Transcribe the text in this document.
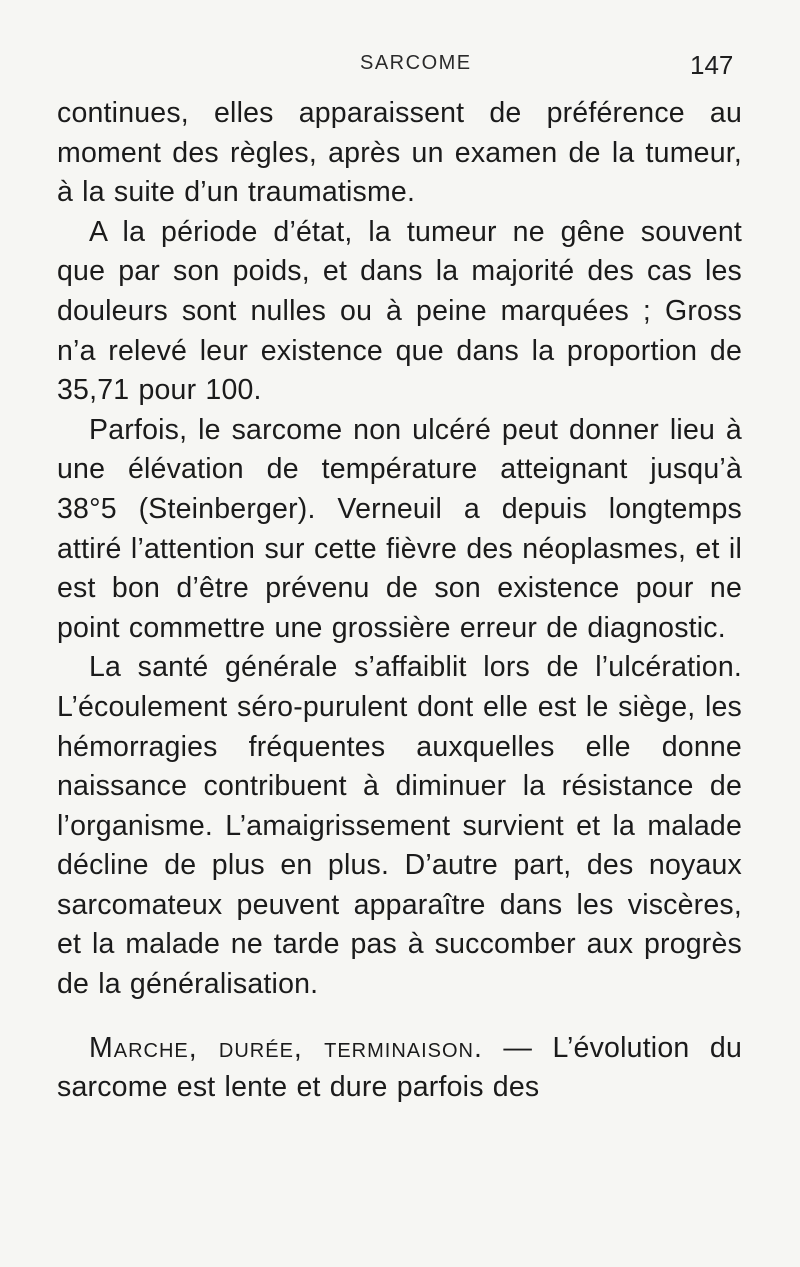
SARCOME	147

continues, elles apparaissent de préférence au moment des règles, après un examen de la tumeur, à la suite d’un traumatisme.

A la période d’état, la tumeur ne gêne souvent que par son poids, et dans la majorité des cas les douleurs sont nulles ou à peine marquées ; Gross n’a relevé leur existence que dans la proportion de 35,71 pour 100.

Parfois, le sarcome non ulcéré peut donner lieu à une élévation de température atteignant jusqu’à 38°5 (Steinberger). Verneuil a depuis longtemps attiré l’attention sur cette fièvre des néoplasmes, et il est bon d’être prévenu de son existence pour ne point commettre une grossière erreur de diagnostic.

La santé générale s’affaiblit lors de l’ulcération. L’écoulement séro-purulent dont elle est le siège, les hémorragies fréquentes auxquelles elle donne naissance contribuent à diminuer la résistance de l’organisme. L’amaigrissement survient et la malade décline de plus en plus. D’autre part, des noyaux sarcomateux peuvent apparaître dans les viscères, et la malade ne tarde pas à succomber aux progrès de la généralisation.

Marche, durée, terminaison. — L’évolution du sarcome est lente et dure parfois des
